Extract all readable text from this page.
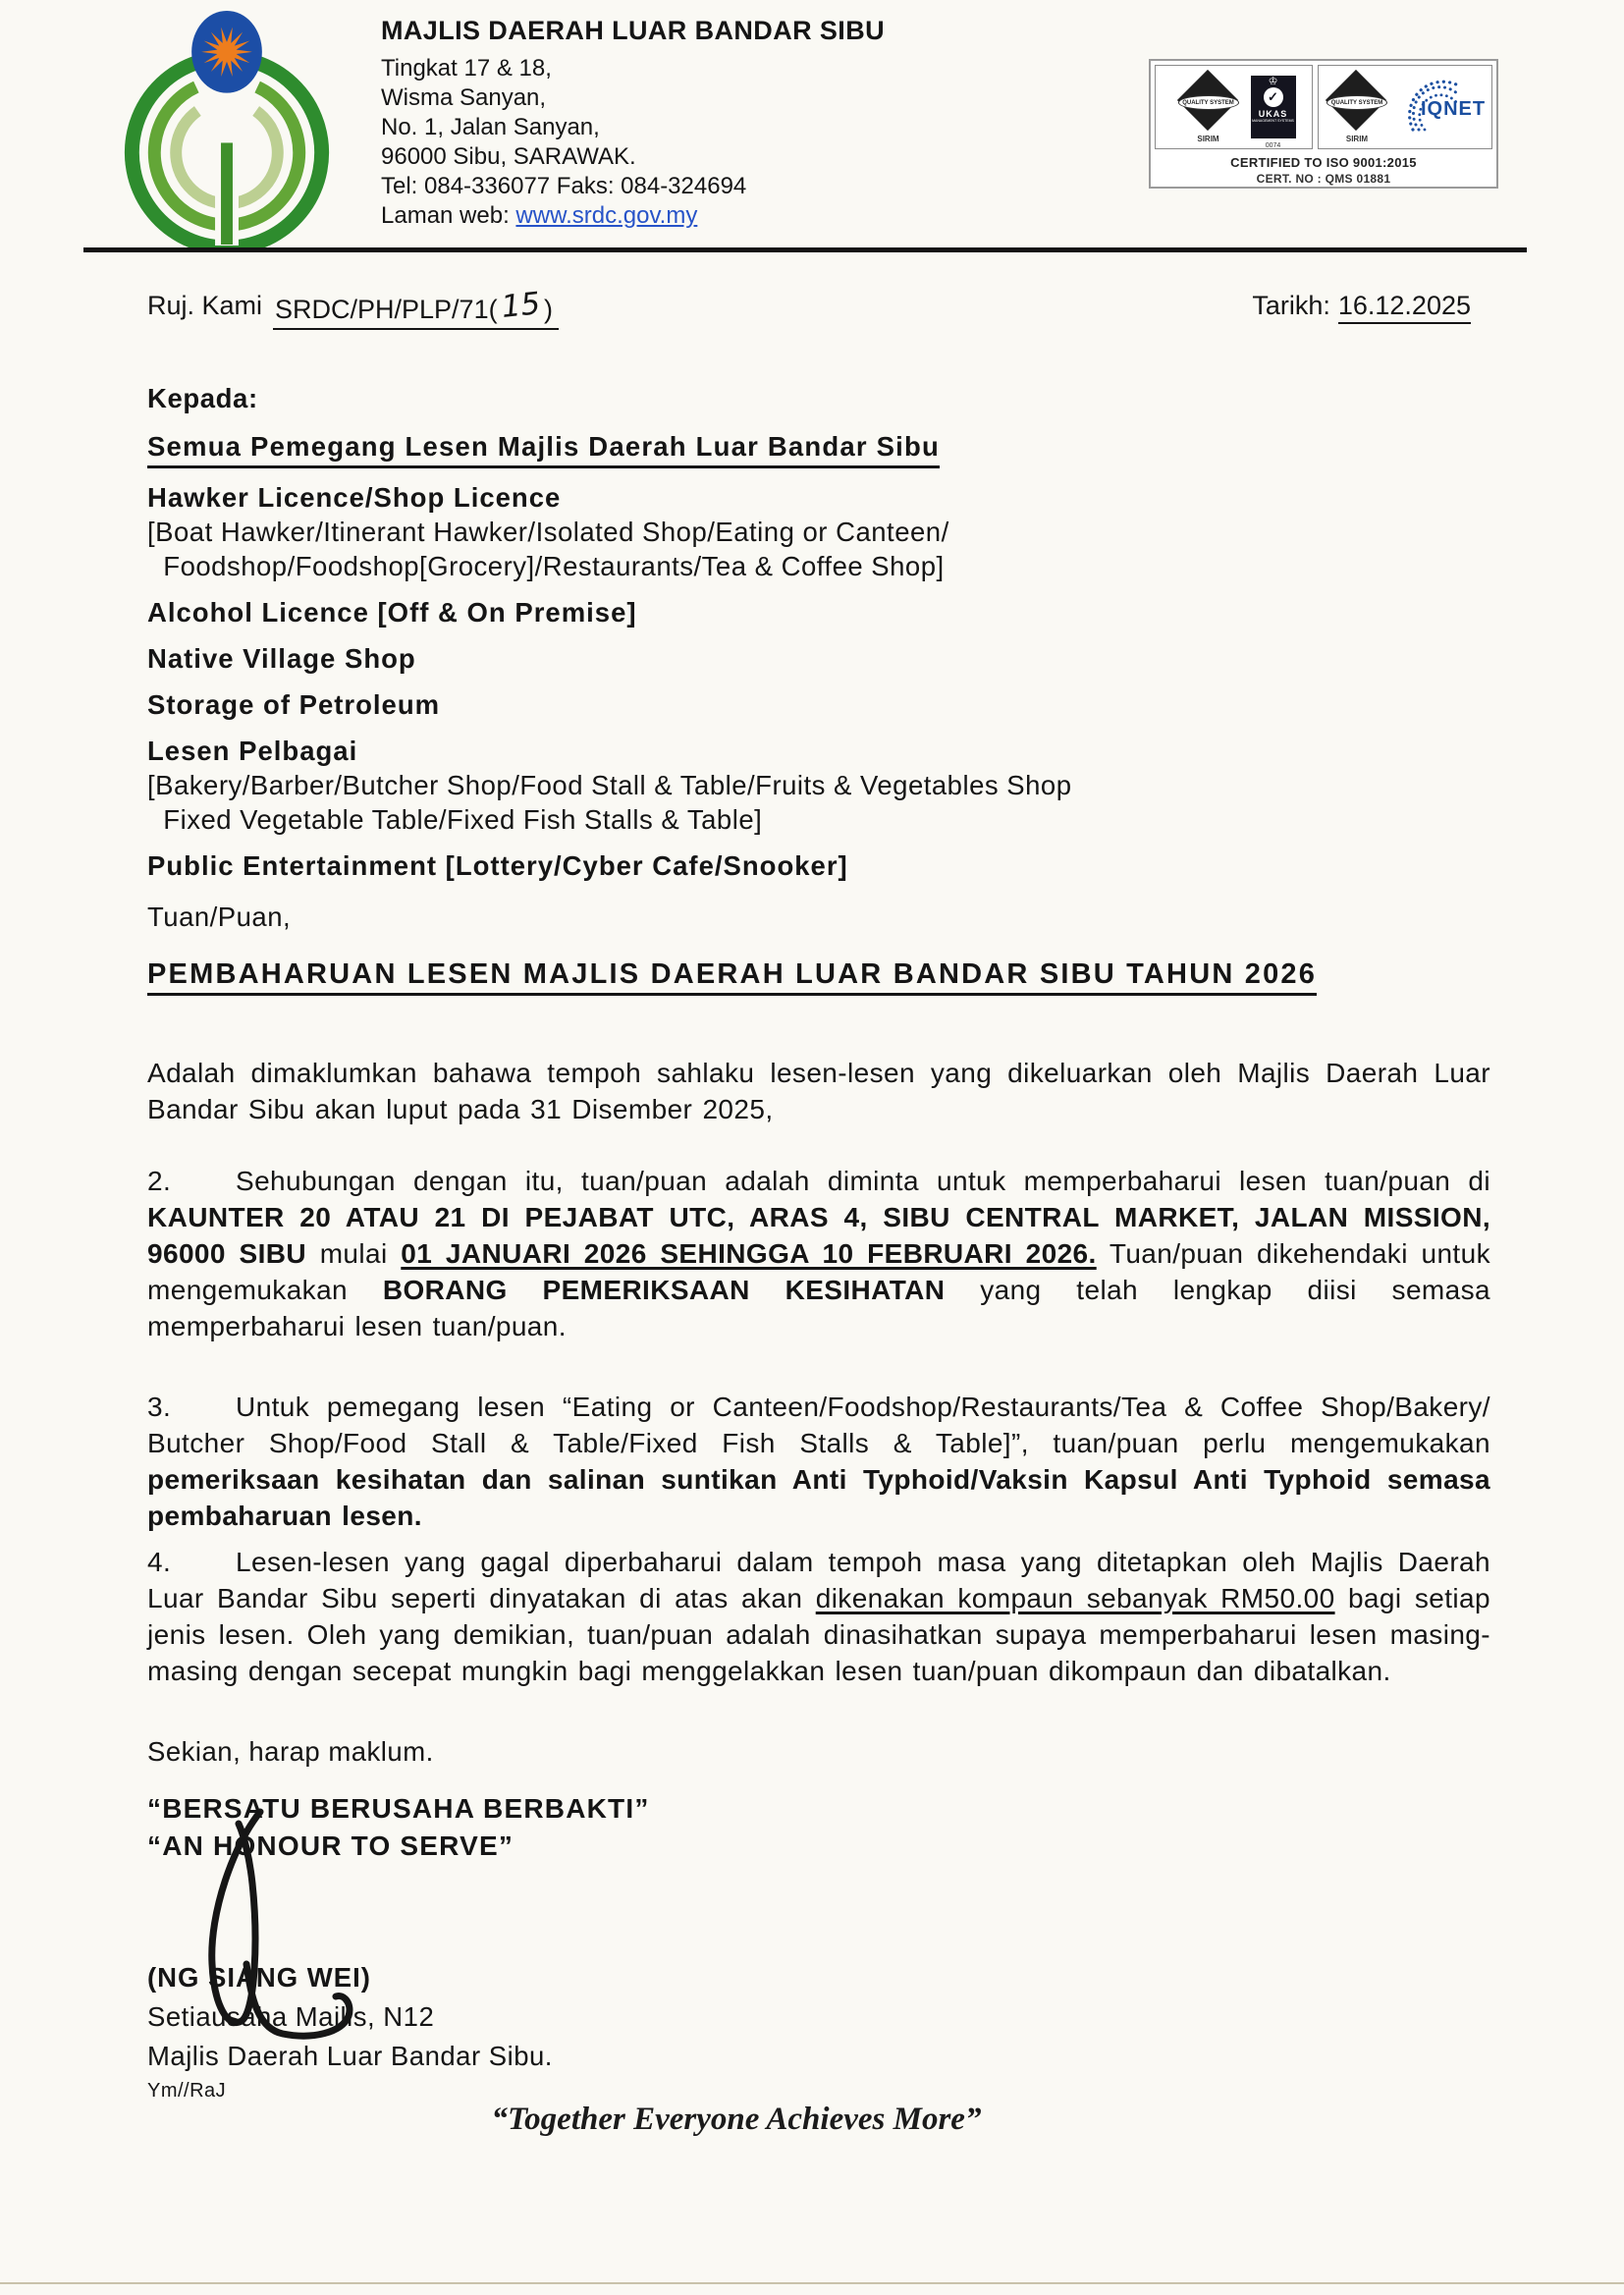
MAJLIS DAERAH LUAR BANDAR SIBU
Tingkat 17 & 18,
Wisma Sanyan,
No. 1, Jalan Sanyan,
96000 Sibu, SARAWAK.
Tel: 084-336077 Faks: 084-324694
Laman web: www.srdc.gov.my
QUALITY SYSTEM
SIRIM
♔
✓
UKAS
MANAGEMENT SYSTEMS
0074
QUALITY SYSTEM
SIRIM
IQNET
CERTIFIED TO ISO 9001:2015
CERT. NO : QMS 01881
Ruj. Kami SRDC/PH/PLP/71(15)	Tarikh: 16.12.2025
Kepada:
Semua Pemegang Lesen Majlis Daerah Luar Bandar Sibu
Hawker Licence/Shop Licence
[Boat Hawker/Itinerant Hawker/Isolated Shop/Eating or Canteen/
Foodshop/Foodshop[Grocery]/Restaurants/Tea & Coffee Shop]
Alcohol Licence [Off & On Premise]
Native Village Shop
Storage of Petroleum
Lesen Pelbagai
[Bakery/Barber/Butcher Shop/Food Stall & Table/Fruits & Vegetables Shop
Fixed Vegetable Table/Fixed Fish Stalls & Table]
Public Entertainment [Lottery/Cyber Cafe/Snooker]
Tuan/Puan,
PEMBAHARUAN LESEN MAJLIS DAERAH LUAR BANDAR SIBU TAHUN 2026

Adalah dimaklumkan bahawa tempoh sahlaku lesen-lesen yang dikeluarkan oleh Majlis Daerah Luar Bandar Sibu akan luput pada 31 Disember 2025,

2. Sehubungan dengan itu, tuan/puan adalah diminta untuk memperbaharui lesen tuan/puan di KAUNTER 20 ATAU 21 DI PEJABAT UTC, ARAS 4, SIBU CENTRAL MARKET, JALAN MISSION, 96000 SIBU mulai 01 JANUARI 2026 SEHINGGA 10 FEBRUARI 2026. Tuan/puan dikehendaki untuk mengemukakan BORANG PEMERIKSAAN KESIHATAN yang telah lengkap diisi semasa memperbaharui lesen tuan/puan.

3. Untuk pemegang lesen “Eating or Canteen/Foodshop/Restaurants/Tea & Coffee Shop/Bakery/ Butcher Shop/Food Stall & Table/Fixed Fish Stalls & Table]”, tuan/puan perlu mengemukakan pemeriksaan kesihatan dan salinan suntikan Anti Typhoid/Vaksin Kapsul Anti Typhoid semasa pembaharuan lesen.

4. Lesen-lesen yang gagal diperbaharui dalam tempoh masa yang ditetapkan oleh Majlis Daerah Luar Bandar Sibu seperti dinyatakan di atas akan dikenakan kompaun sebanyak RM50.00 bagi setiap jenis lesen. Oleh yang demikian, tuan/puan adalah dinasihatkan supaya memperbaharui lesen masing-masing dengan secepat mungkin bagi menggelakkan lesen tuan/puan dikompaun dan dibatalkan.

Sekian, harap maklum.
“BERSATU BERUSAHA BERBAKTI”
“AN HONOUR TO SERVE”
(NG SIANG WEI)
Setiausaha Majlis, N12
Majlis Daerah Luar Bandar Sibu.
Ym//RaJ
“Together Everyone Achieves More”
